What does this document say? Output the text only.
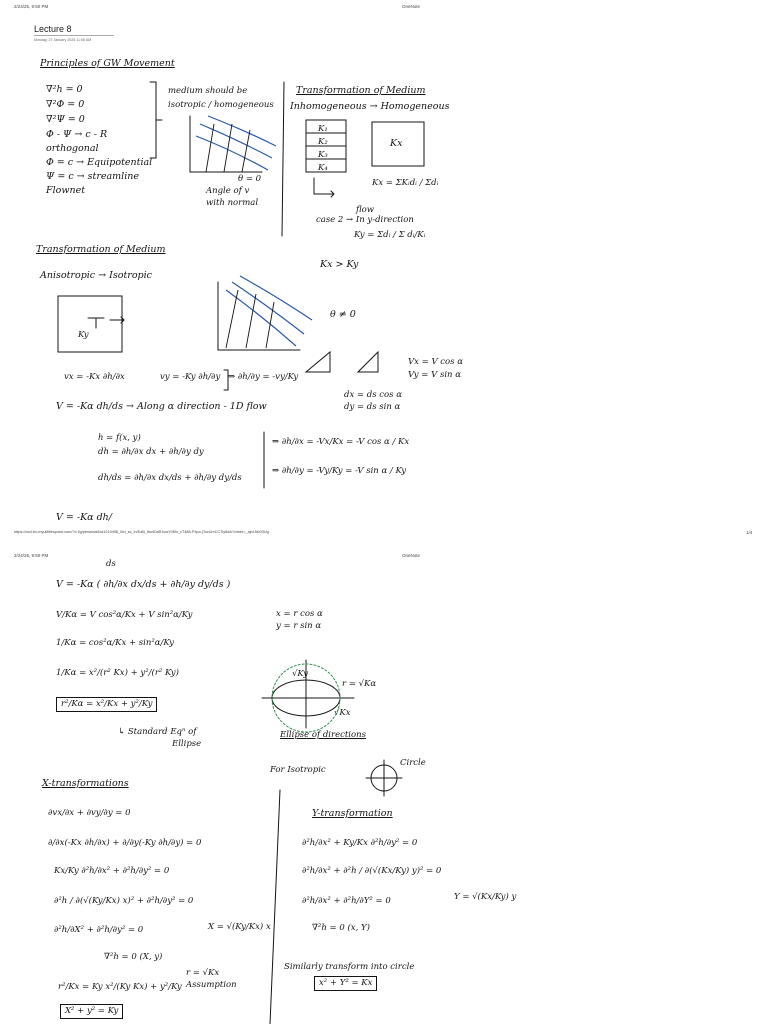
2/24/25, 9:50 PM	OneNote
https://cscl.bc-myutilitiespoint.com/?o.l/g/personal/lca1210498_l/lcl_sc_in/EaB_thu60aRJuwY0Mo_cT488-P4po-jTocUmCCTiy8dA?clmer=_ajo1Nb03Ug	1/4
2/24/25, 9:50 PM	OneNote
Lecture 8
Monday, 27 January 2025 11:08 AM
Principles of GW Movement
∇²h = 0
∇²Φ = 0
∇²Ψ = 0
Φ - Ψ → c - R
orthogonal
Φ = c → Equipotential
Ψ = c → streamline
Flownet
medium should be
isotropic / homogeneous
θ = 0
Angle of v
with normal
Transformation of Medium
Inhomogeneous → Homogeneous
K₁
K₂
K₃
K₄
Kx
Kx = ΣKᵢdᵢ / Σdᵢ
flow
case 2 → In y-direction
Ky = Σdᵢ / Σ dᵢ/Kᵢ
Kx > Ky
Transformation of Medium
Anisotropic → Isotropic
Ky
θ ≠ 0
vx = -Kx ∂h/∂x	vy = -Ky ∂h/∂y ⇒ ∂h/∂y = -vy/Ky
Vx = V cos α
Vy = V sin α
dx = ds cos α
dy = ds sin α
V = -Kα dh/ds → Along α direction - 1D flow
h = f(x, y)
dh = ∂h/∂x dx + ∂h/∂y dy
dh/ds = ∂h/∂x dx/ds + ∂h/∂y dy/ds
⇒ ∂h/∂x = -Vx/Kx = -V cos α / Kx
⇒ ∂h/∂y = -Vy/Ky = -V sin α / Ky
V = -Kα dh/
ds
V = -Kα ( ∂h/∂x dx/ds + ∂h/∂y dy/ds )
V/Kα = V cos²α/Kx + V sin²α/Ky
1/Kα = cos²α/Kx + sin²α/Ky
1/Kα = x²/(r² Kx) + y²/(r² Ky)
r²/Kα = x²/Kx + y²/Ky
↳ Standard Eqⁿ of
Ellipse
x = r cos α
y = r sin α
r = √Kα
√Ky
√Kx
Ellipse of directions
For Isotropic
Circle
X-transformations
∂vx/∂x + ∂vy/∂y = 0
∂/∂x(-Kx ∂h/∂x) + ∂/∂y(-Ky ∂h/∂y) = 0
Kx/Ky ∂²h/∂x² + ∂²h/∂y² = 0
∂²h / ∂(√(Ky/Kx) x)² + ∂²h/∂y² = 0
∂²h/∂X² + ∂²h/∂y² = 0	X = √(Ky/Kx) x
∇²h = 0 (X, y)
r = √Kx
Assumption
r²/Kx = Ky x²/(Ky Kx) + y²/Ky
X² + y² = Ky
Y-transformation
∂²h/∂x² + Ky/Kx ∂²h/∂y² = 0
∂²h/∂x² + ∂²h / ∂(√(Kx/Ky) y)² = 0
∂²h/∂x² + ∂²h/∂Y² = 0	Y = √(Kx/Ky) y
∇²h = 0 (x, Y)
Similarly transform into circle
x² + Y² = Kx
